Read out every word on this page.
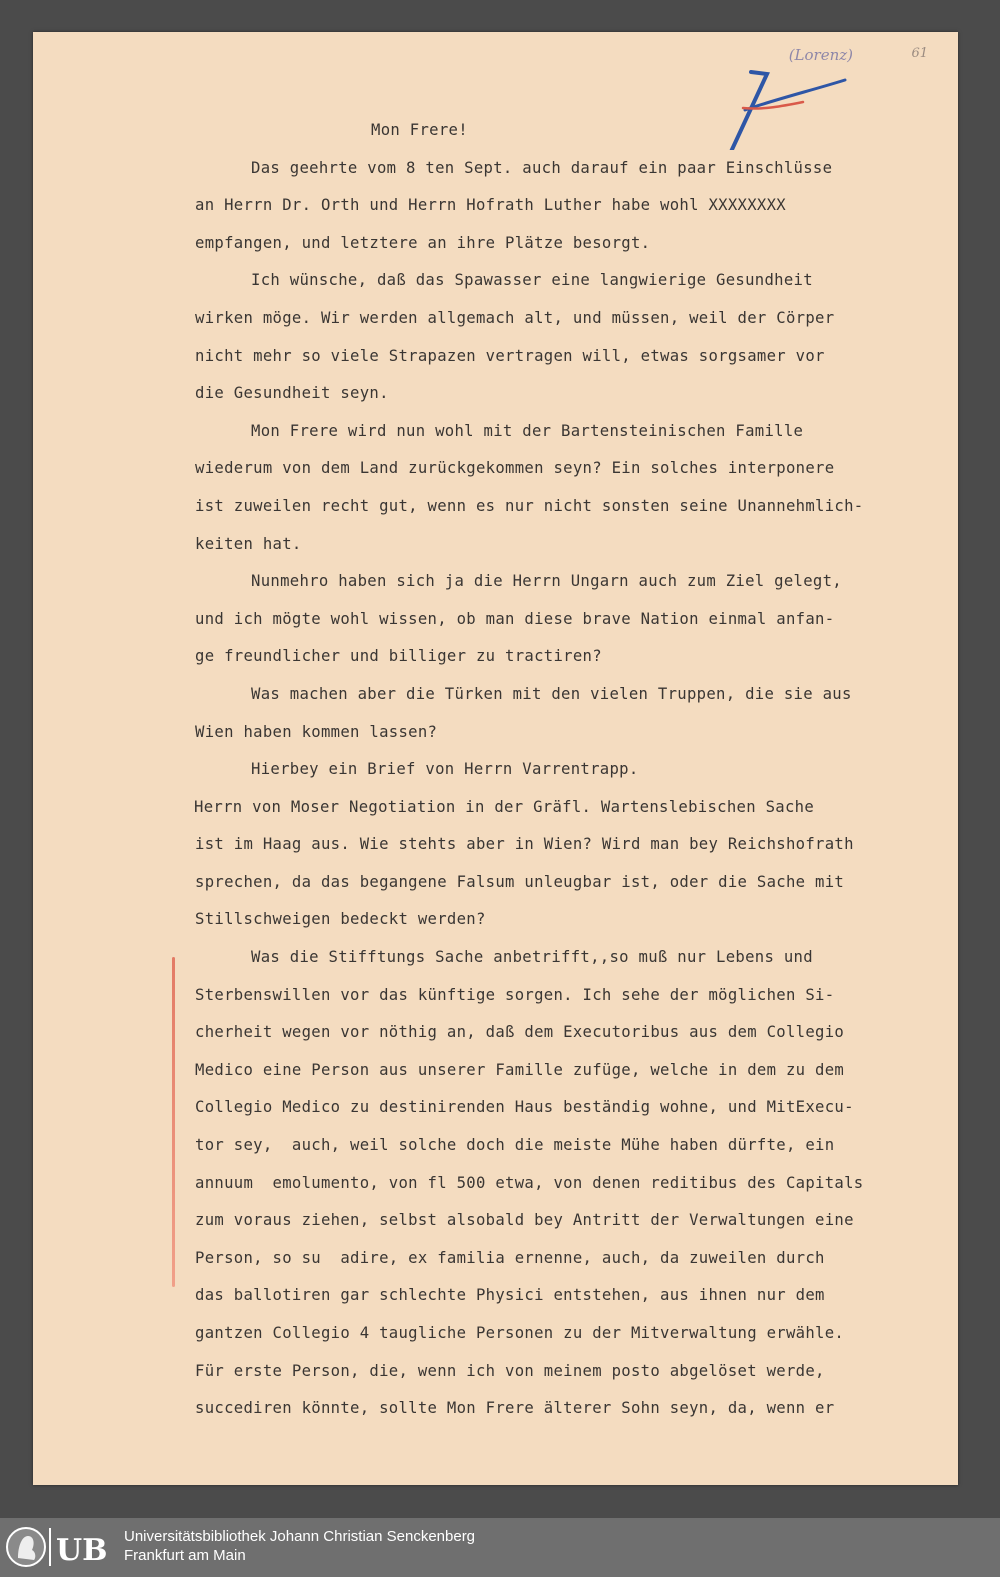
(Lorenz)	61
Mon Frere!
Das geehrte vom 8 ten Sept. auch darauf ein paar Einschlüsse
an Herrn Dr. Orth und Herrn Hofrath Luther habe wohl XXXXXXXX
empfangen, und letztere an ihre Plätze besorgt.
Ich wünsche, daß das Spawasser eine langwierige Gesundheit
wirken möge. Wir werden allgemach alt, und müssen, weil der Cörper
nicht mehr so viele Strapazen vertragen will, etwas sorgsamer vor
die Gesundheit seyn.
Mon Frere wird nun wohl mit der Bartensteinischen Famille
wiederum von dem Land zurückgekommen seyn? Ein solches interponere
ist zuweilen recht gut, wenn es nur nicht sonsten seine Unannehmlich-
keiten hat.
Nunmehro haben sich ja die Herrn Ungarn auch zum Ziel gelegt,
und ich mögte wohl wissen, ob man diese brave Nation einmal anfan-
ge freundlicher und billiger zu tractiren?
Was machen aber die Türken mit den vielen Truppen, die sie aus
Wien haben kommen lassen?
Hierbey ein Brief von Herrn Varrentrapp.
Herrn von Moser Negotiation in der Gräfl. Wartenslebischen Sache
ist im Haag aus. Wie stehts aber in Wien? Wird man bey Reichshofrath
sprechen, da das begangene Falsum unleugbar ist, oder die Sache mit
Stillschweigen bedeckt werden?
Was die Stifftungs Sache anbetrifft,,so muß nur Lebens und
Sterbenswillen vor das künftige sorgen. Ich sehe der möglichen Si-
cherheit wegen vor nöthig an, daß dem Executoribus aus dem Collegio
Medico eine Person aus unserer Famille zufüge, welche in dem zu dem
Collegio Medico zu destinirenden Haus beständig wohne, und MitExecu-
tor sey,  auch, weil solche doch die meiste Mühe haben dürfte, ein
annuum  emolumento, von fl 500 etwa, von denen reditibus des Capitals
zum voraus ziehen, selbst alsobald bey Antritt der Verwaltungen eine
Person, so su  adire, ex familia ernenne, auch, da zuweilen durch
das ballotiren gar schlechte Physici entstehen, aus ihnen nur dem
gantzen Collegio 4 taugliche Personen zu der Mitverwaltung erwähle.
Für erste Person, die, wenn ich von meinem posto abgelöset werde,
succediren könnte, sollte Mon Frere älterer Sohn seyn, da, wenn er
UB Universitätsbibliothek Johann Christian Senckenberg
Frankfurt am Main
